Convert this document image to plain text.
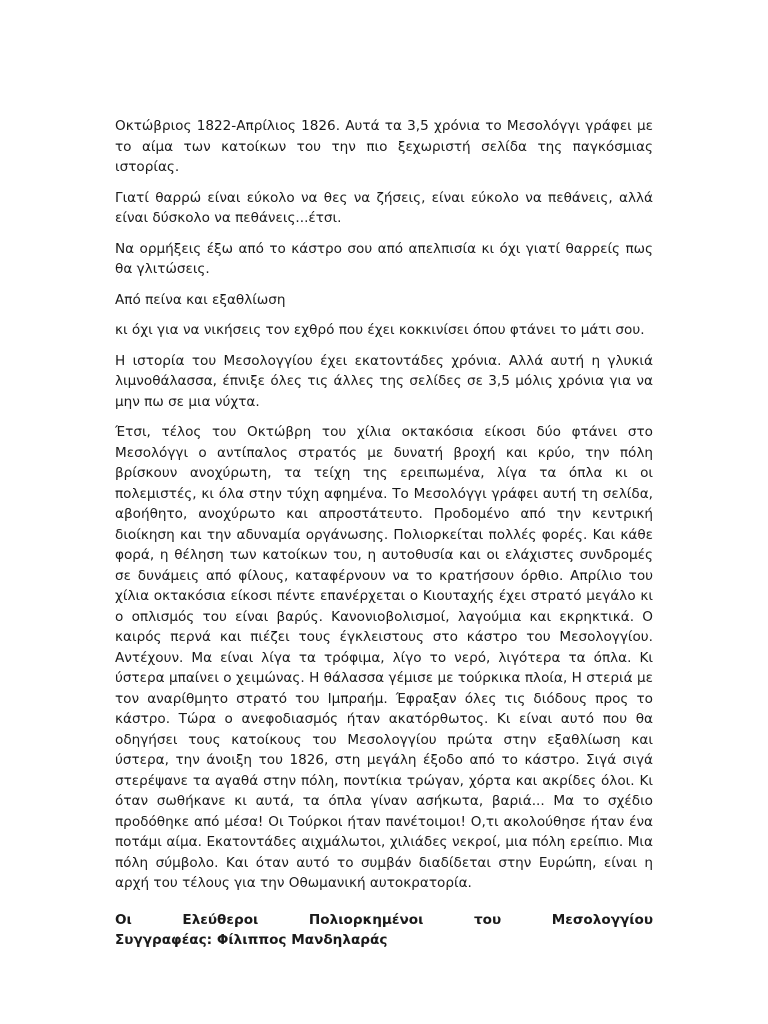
Οκτώβριος 1822-Απρίλιος 1826. Αυτά τα 3,5 χρόνια το Μεσολόγγι γράφει με το αίμα των κατοίκων του την πιο ξεχωριστή σελίδα της παγκόσμιας ιστορίας.

Γιατί θαρρώ είναι εύκολο να θες να ζήσεις, είναι εύκολο να πεθάνεις, αλλά είναι δύσκολο να πεθάνεις...έτσι.

Να ορμήξεις έξω από το κάστρο σου από απελπισία κι όχι γιατί θαρρείς πως θα γλιτώσεις.

Από πείνα και εξαθλίωση

κι όχι για να νικήσεις τον εχθρό που έχει κοκκινίσει όπου φτάνει το μάτι σου.

Η ιστορία του Μεσολογγίου έχει εκατοντάδες χρόνια. Αλλά αυτή η γλυκιά λιμνοθάλασσα, έπνιξε όλες τις άλλες της σελίδες σε 3,5 μόλις χρόνια για να μην πω σε μια νύχτα.

Έτσι, τέλος του Οκτώβρη του χίλια οκτακόσια είκοσι δύο φτάνει στο Μεσολόγγι ο αντίπαλος στρατός με δυνατή βροχή και κρύο, την πόλη βρίσκουν ανοχύρωτη, τα τείχη της ερειπωμένα, λίγα τα όπλα κι οι πολεμιστές, κι όλα στην τύχη αφημένα. Το Μεσολόγγι γράφει αυτή τη σελίδα, αβοήθητο, ανοχύρωτο και απροστάτευτο. Προδομένο από την κεντρική διοίκηση και την αδυναμία οργάνωσης. Πολιορκείται πολλές φορές. Και κάθε φορά, η θέληση των κατοίκων του, η αυτοθυσία και οι ελάχιστες συνδρομές σε δυνάμεις από φίλους, καταφέρνουν να το κρατήσουν όρθιο. Απρίλιο του χίλια οκτακόσια είκοσι πέντε επανέρχεται ο Κιουταχής έχει στρατό μεγάλο κι ο οπλισμός του είναι βαρύς. Κανονιοβολισμοί, λαγούμια και εκρηκτικά. Ο καιρός περνά και πιέζει τους έγκλειστους στο κάστρο του Μεσολογγίου. Αντέχουν. Μα είναι λίγα τα τρόφιμα, λίγο το νερό, λιγότερα τα όπλα. Κι ύστερα μπαίνει ο χειμώνας. Η θάλασσα γέμισε με τούρκικα πλοία, Η στεριά με τον αναρίθμητο στρατό του Ιμπραήμ. Έφραξαν όλες τις διόδους προς το κάστρο. Τώρα ο ανεφοδιασμός ήταν ακατόρθωτος. Κι είναι αυτό που θα οδηγήσει τους κατοίκους του Μεσολογγίου πρώτα στην εξαθλίωση και ύστερα, την άνοιξη του 1826, στη μεγάλη έξοδο από το κάστρο. Σιγά σιγά στερέψανε τα αγαθά στην πόλη, ποντίκια τρώγαν, χόρτα και ακρίδες όλοι. Κι όταν σωθήκανε κι αυτά, τα όπλα γίναν ασήκωτα, βαριά... Μα το σχέδιο προδόθηκε από μέσα! Οι Τούρκοι ήταν πανέτοιμοι! Ο,τι ακολούθησε ήταν ένα ποτάμι αίμα. Εκατοντάδες αιχμάλωτοι, χιλιάδες νεκροί, μια πόλη ερείπιο. Μια πόλη σύμβολο. Και όταν αυτό το συμβάν διαδίδεται στην Ευρώπη, είναι η αρχή του τέλους για την Οθωμανική αυτοκρατορία.

Οι	Ελεύθεροι	Πολιορκημένοι	του	Μεσολογγίου
Συγγραφέας: Φίλιππος Μανδηλαράς
